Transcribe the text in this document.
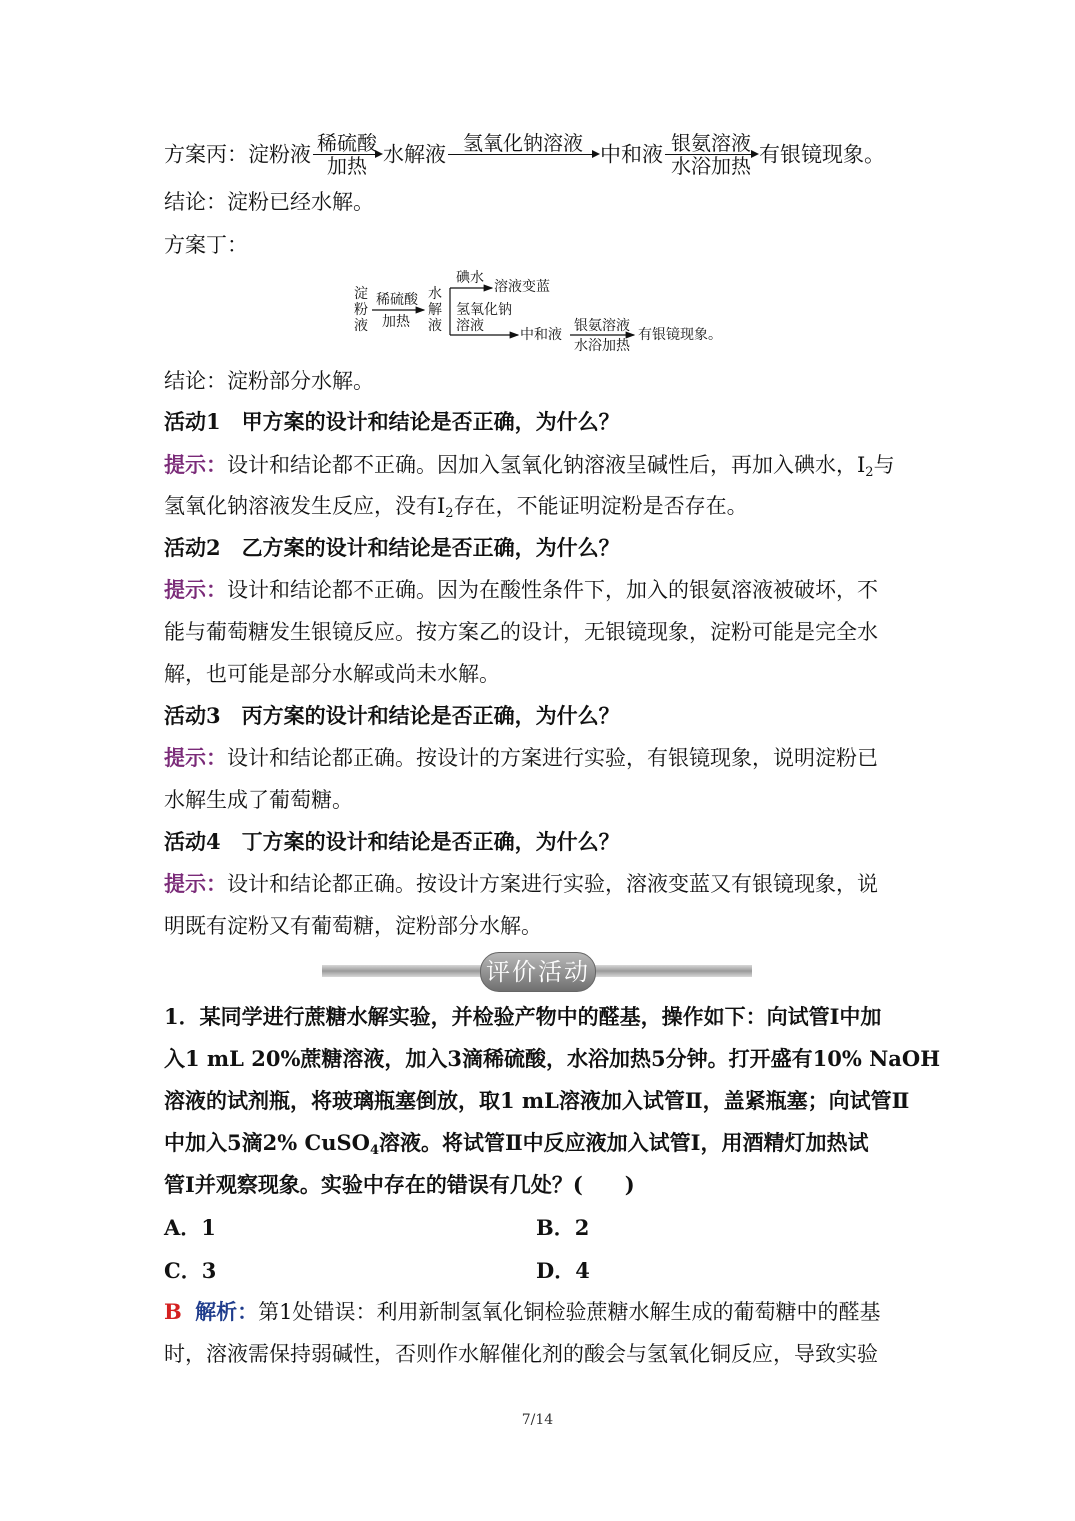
方案丙：淀粉液 稀硫酸
加热 水解液 氢氧化钠溶液
中和液 银氨溶液
水浴加热 有银镜现象。
结论：淀粉已经水解。
方案丁：
淀
粉
液
稀硫酸
加热
水
解
液
碘水
溶液变蓝
氢氧化钠
溶液
中和液
银氨溶液
水浴加热
有银镜现象。
结论：淀粉部分水解。
活动1　甲方案的设计和结论是否正确，为什么？
提示：设计和结论都不正确。因加入氢氧化钠溶液呈碱性后，再加入碘水，$I_2$与
氢氧化钠溶液发生反应，没有$I_2$存在，不能证明淀粉是否存在。
活动2　乙方案的设计和结论是否正确，为什么？
提示：设计和结论都不正确。因为在酸性条件下，加入的银氨溶液被破坏，不
能与葡萄糖发生银镜反应。按方案乙的设计，无银镜现象，淀粉可能是完全水
解，也可能是部分水解或尚未水解。
活动3　丙方案的设计和结论是否正确，为什么？
提示：设计和结论都正确。按设计的方案进行实验，有银镜现象，说明淀粉已
水解生成了葡萄糖。
活动4　丁方案的设计和结论是否正确，为什么？
提示：设计和结论都正确。按设计方案进行实验，溶液变蓝又有银镜现象，说
明既有淀粉又有葡萄糖，淀粉部分水解。
评价活动
1．某同学进行蔗糖水解实验，并检验产物中的醛基，操作如下：向试管Ⅰ中加
入1 mL 20%蔗糖溶液，加入3滴稀硫酸，水浴加热5分钟。打开盛有10% NaOH
溶液的试剂瓶，将玻璃瓶塞倒放，取1 mL溶液加入试管Ⅱ，盖紧瓶塞；向试管Ⅱ
中加入5滴2% CuSO$_4$溶液。将试管Ⅱ中反应液加入试管Ⅰ，用酒精灯加热试
管Ⅰ并观察现象。实验中存在的错误有几处？(　　)
A．1	B．2
C．3	D．4
B 解析：第1处错误：利用新制氢氧化铜检验蔗糖水解生成的葡萄糖中的醛基
时，溶液需保持弱碱性，否则作水解催化剂的酸会与氢氧化铜反应，导致实验
7/14
